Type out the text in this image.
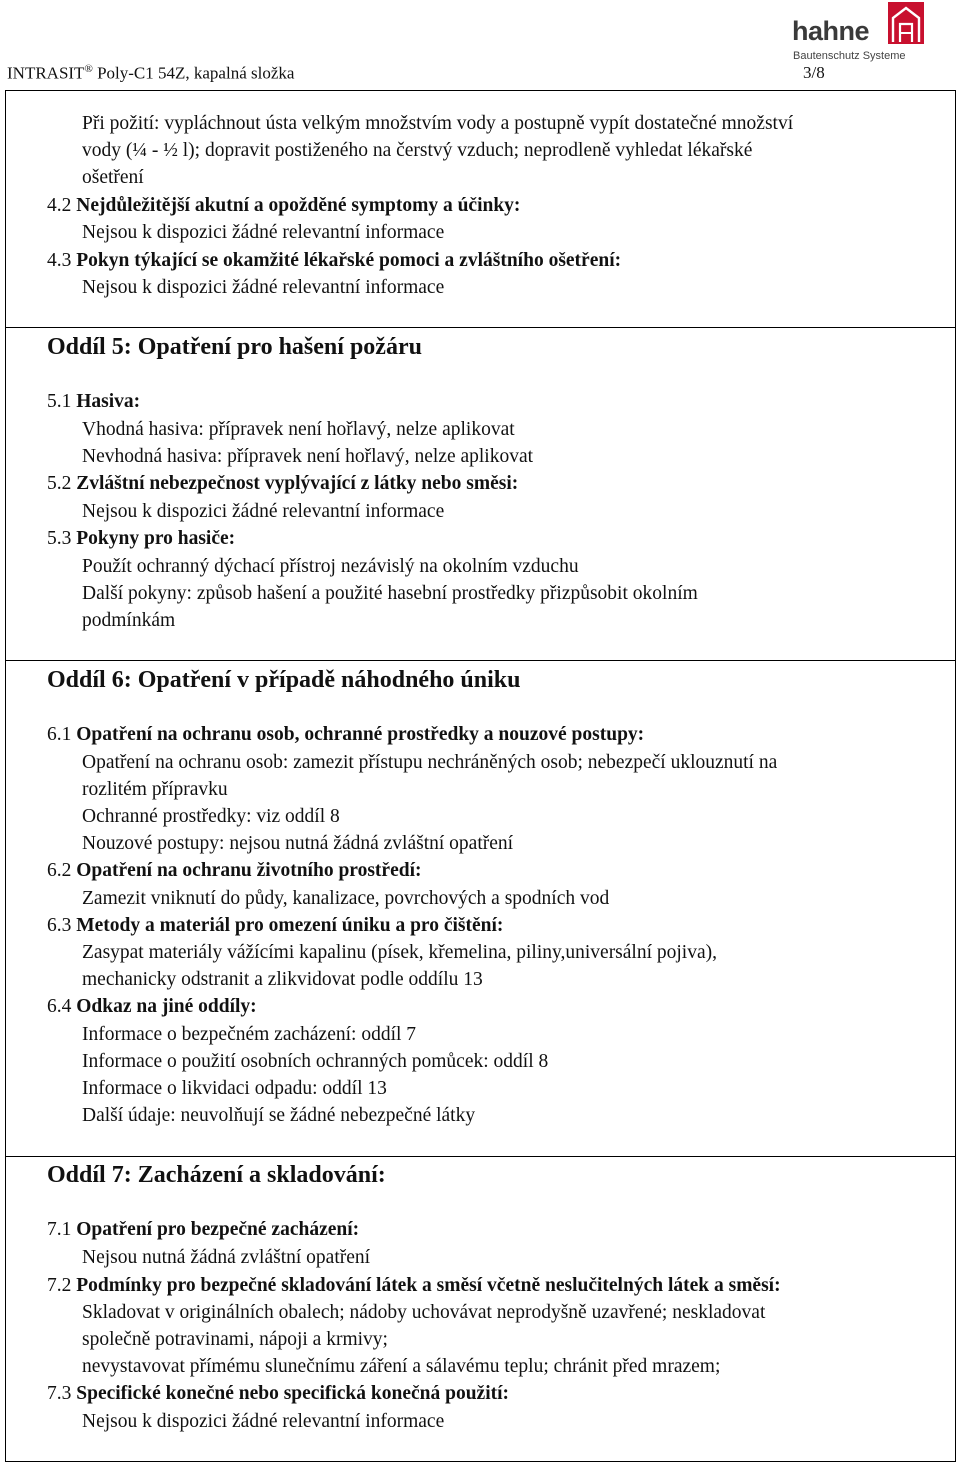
INTRASIT® Poly-C1 54Z, kapalná složka	3/8
hahne
Bautenschutz Systeme
Při požití: vypláchnout ústa velkým množstvím vody a postupně vypít dostatečné množství
vody (¼ - ½ l); dopravit postiženého na čerstvý vzduch; neprodleně vyhledat lékařské
ošetření
4.2 Nejdůležitější akutní a opožděné symptomy a účinky:
Nejsou k dispozici žádné relevantní informace
4.3 Pokyn týkající se okamžité lékařské pomoci a zvláštního ošetření:
Nejsou k dispozici žádné relevantní informace
Oddíl 5: Opatření pro hašení požáru
5.1 Hasiva:
Vhodná hasiva: přípravek není hořlavý, nelze aplikovat
Nevhodná hasiva: přípravek není hořlavý, nelze aplikovat
5.2 Zvláštní nebezpečnost vyplývající z látky nebo směsi:
Nejsou k dispozici žádné relevantní informace
5.3 Pokyny pro hasiče:
Použít ochranný dýchací přístroj nezávislý na okolním vzduchu
Další pokyny: způsob hašení a použité hasební prostředky přizpůsobit okolním
podmínkám
Oddíl 6: Opatření v případě náhodného úniku
6.1 Opatření na ochranu osob, ochranné prostředky a nouzové postupy:
Opatření na ochranu osob: zamezit přístupu nechráněných osob; nebezpečí uklouznutí na
rozlitém přípravku
Ochranné prostředky: viz oddíl 8
Nouzové postupy: nejsou nutná žádná zvláštní opatření
6.2 Opatření na ochranu životního prostředí:
Zamezit vniknutí do půdy, kanalizace, povrchových a spodních vod
6.3 Metody a materiál pro omezení úniku a pro čištění:
Zasypat materiály vážícími kapalinu (písek, křemelina, piliny,universální pojiva),
mechanicky odstranit a zlikvidovat podle oddílu 13
6.4 Odkaz na jiné oddíly:
Informace o bezpečném zacházení: oddíl 7
Informace o použití osobních ochranných pomůcek: oddíl 8
Informace o likvidaci odpadu: oddíl 13
Další údaje: neuvolňují se žádné nebezpečné látky
Oddíl 7: Zacházení a skladování:
7.1 Opatření pro bezpečné zacházení:
Nejsou nutná žádná zvláštní opatření
7.2 Podmínky pro bezpečné skladování látek a směsí včetně neslučitelných látek a směsí:
Skladovat v originálních obalech; nádoby uchovávat neprodyšně uzavřené; neskladovat
společně potravinami, nápoji a krmivy;
nevystavovat přímému slunečnímu záření a sálavému teplu; chránit před mrazem;
7.3 Specifické konečné nebo specifická konečná použití:
Nejsou k dispozici žádné relevantní informace
